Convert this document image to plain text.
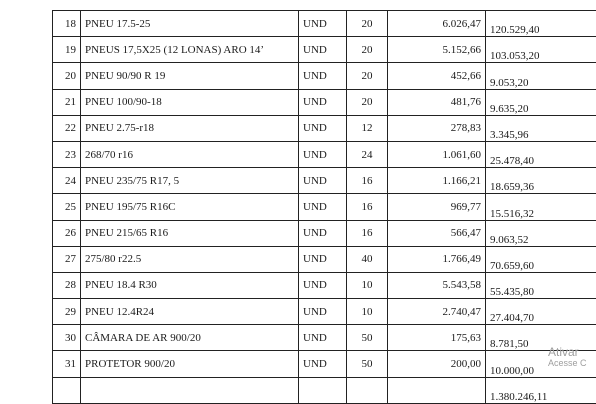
18	PNEU 17.5-25	UND	20	6.026,47	120.529,40
19	PNEUS 17,5X25 (12 LONAS) ARO 14’	UND	20	5.152,66	103.053,20
20	PNEU 90/90 R 19	UND	20	452,66	9.053,20
21	PNEU 100/90-18	UND	20	481,76	9.635,20
22	PNEU 2.75-r18	UND	12	278,83	3.345,96
23	268/70 r16	UND	24	1.061,60	25.478,40
24	PNEU 235/75 R17, 5	UND	16	1.166,21	18.659,36
25	PNEU 195/75 R16C	UND	16	969,77	15.516,32
26	PNEU 215/65 R16	UND	16	566,47	9.063,52
27	275/80 r22.5	UND	40	1.766,49	70.659,60
28	PNEU 18.4 R30	UND	10	5.543,58	55.435,80
29	PNEU 12.4R24	UND	10	2.740,47	27.404,70
30	CÂMARA DE AR 900/20	UND	50	175,63	8.781,50
31	PROTETOR 900/20	UND	50	200,00	10.000,00
					1.380.246,11
Ativar
Acesse C
